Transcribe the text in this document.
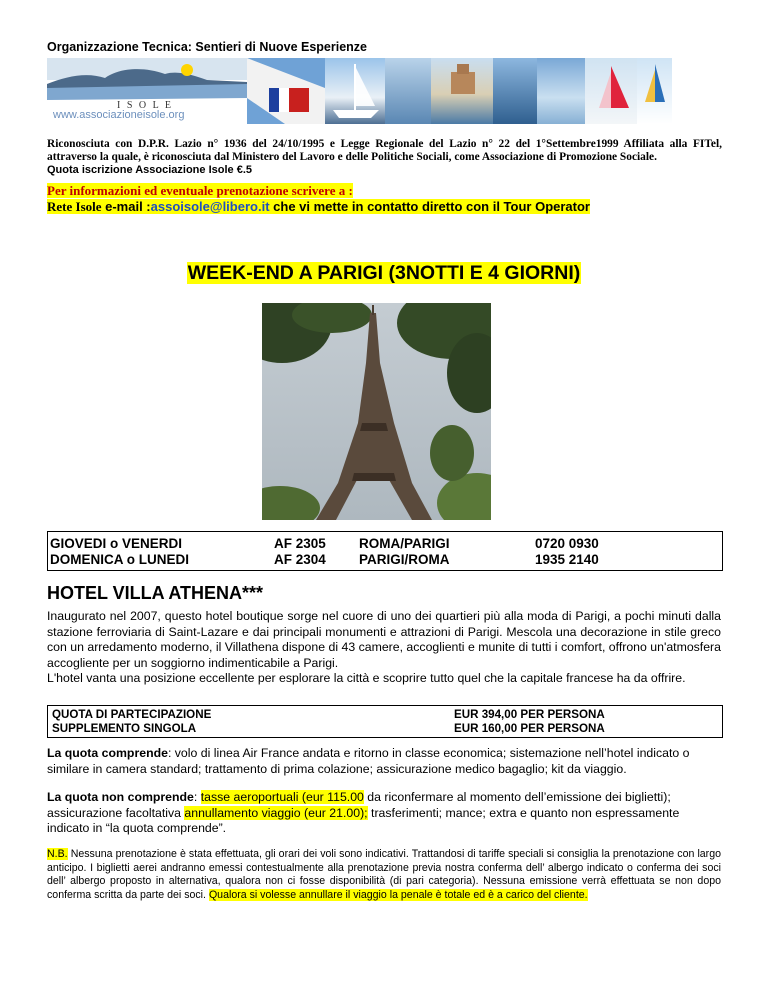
Organizzazione Tecnica: Sentieri di Nuove Esperienze
www.associazioneisole.org
I S O L E
Riconosciuta con D.P.R. Lazio n° 1936 del 24/10/1995 e Legge Regionale del Lazio n° 22 del 1°Settembre1999 Affiliata alla FITel, attraverso la quale, è riconosciuta dal Ministero del Lavoro e delle Politiche Sociali, come Associazione di Promozione Sociale.
Quota iscrizione Associazione Isole €.5
Per informazioni ed eventuale prenotazione scrivere a :
Rete Isole e-mail :assoisole@libero.it che vi mette in contatto diretto con il Tour Operator
WEEK-END A PARIGI (3NOTTI E 4 GIORNI)
GIOVEDI o VENERDI
DOMENICA o LUNEDI
AF 2305
AF 2304
ROMA/PARIGI
PARIGI/ROMA
0720 0930
1935 2140
HOTEL VILLA ATHENA***

Inaugurato nel 2007, questo hotel boutique sorge nel cuore di uno dei quartieri più alla moda di Parigi, a pochi minuti dalla stazione ferroviaria di Saint-Lazare e dai principali monumenti e attrazioni di Parigi. Mescola una decorazione in stile greco con un arredamento moderno, il Villathena dispone di 43 camere, accoglienti e munite di tutti i comfort, offrono un'atmosfera accogliente per un soggiorno indimenticabile a Parigi.

L'hotel vanta una posizione eccellente per esplorare la città e scoprire tutto quel che la capitale francese ha da offrire.

QUOTA DI PARTECIPAZIONE
SUPPLEMENTO SINGOLA
EUR 394,00 PER PERSONA
EUR 160,00 PER PERSONA
La quota comprende: volo di linea Air France andata e ritorno in classe economica; sistemazione nell’hotel indicato o similare in camera standard; trattamento di prima colazione; assicurazione medico bagaglio; kit da viaggio.
La quota non comprende: tasse aeroportuali (eur 115.00 da riconfermare al momento dell’emissione dei biglietti); assicurazione facoltativa annullamento viaggio (eur 21.00); trasferimenti; mance; extra e quanto non espressamente indicato in “la quota comprende”.
N.B. Nessuna prenotazione è stata effettuata, gli orari dei voli sono indicativi. Trattandosi di tariffe speciali si consiglia la prenotazione con largo anticipo. I biglietti aerei andranno emessi contestualmente alla prenotazione previa nostra conferma dell’ albergo indicato o conferma dei soci dell’ albergo proposto in alternativa, qualora non ci fosse disponibilità (di pari categoria). Nessuna emissione verrà effettuata se non dopo conferma scritta da parte dei soci. Qualora si volesse annullare il viaggio la penale è totale ed è a carico del cliente.
